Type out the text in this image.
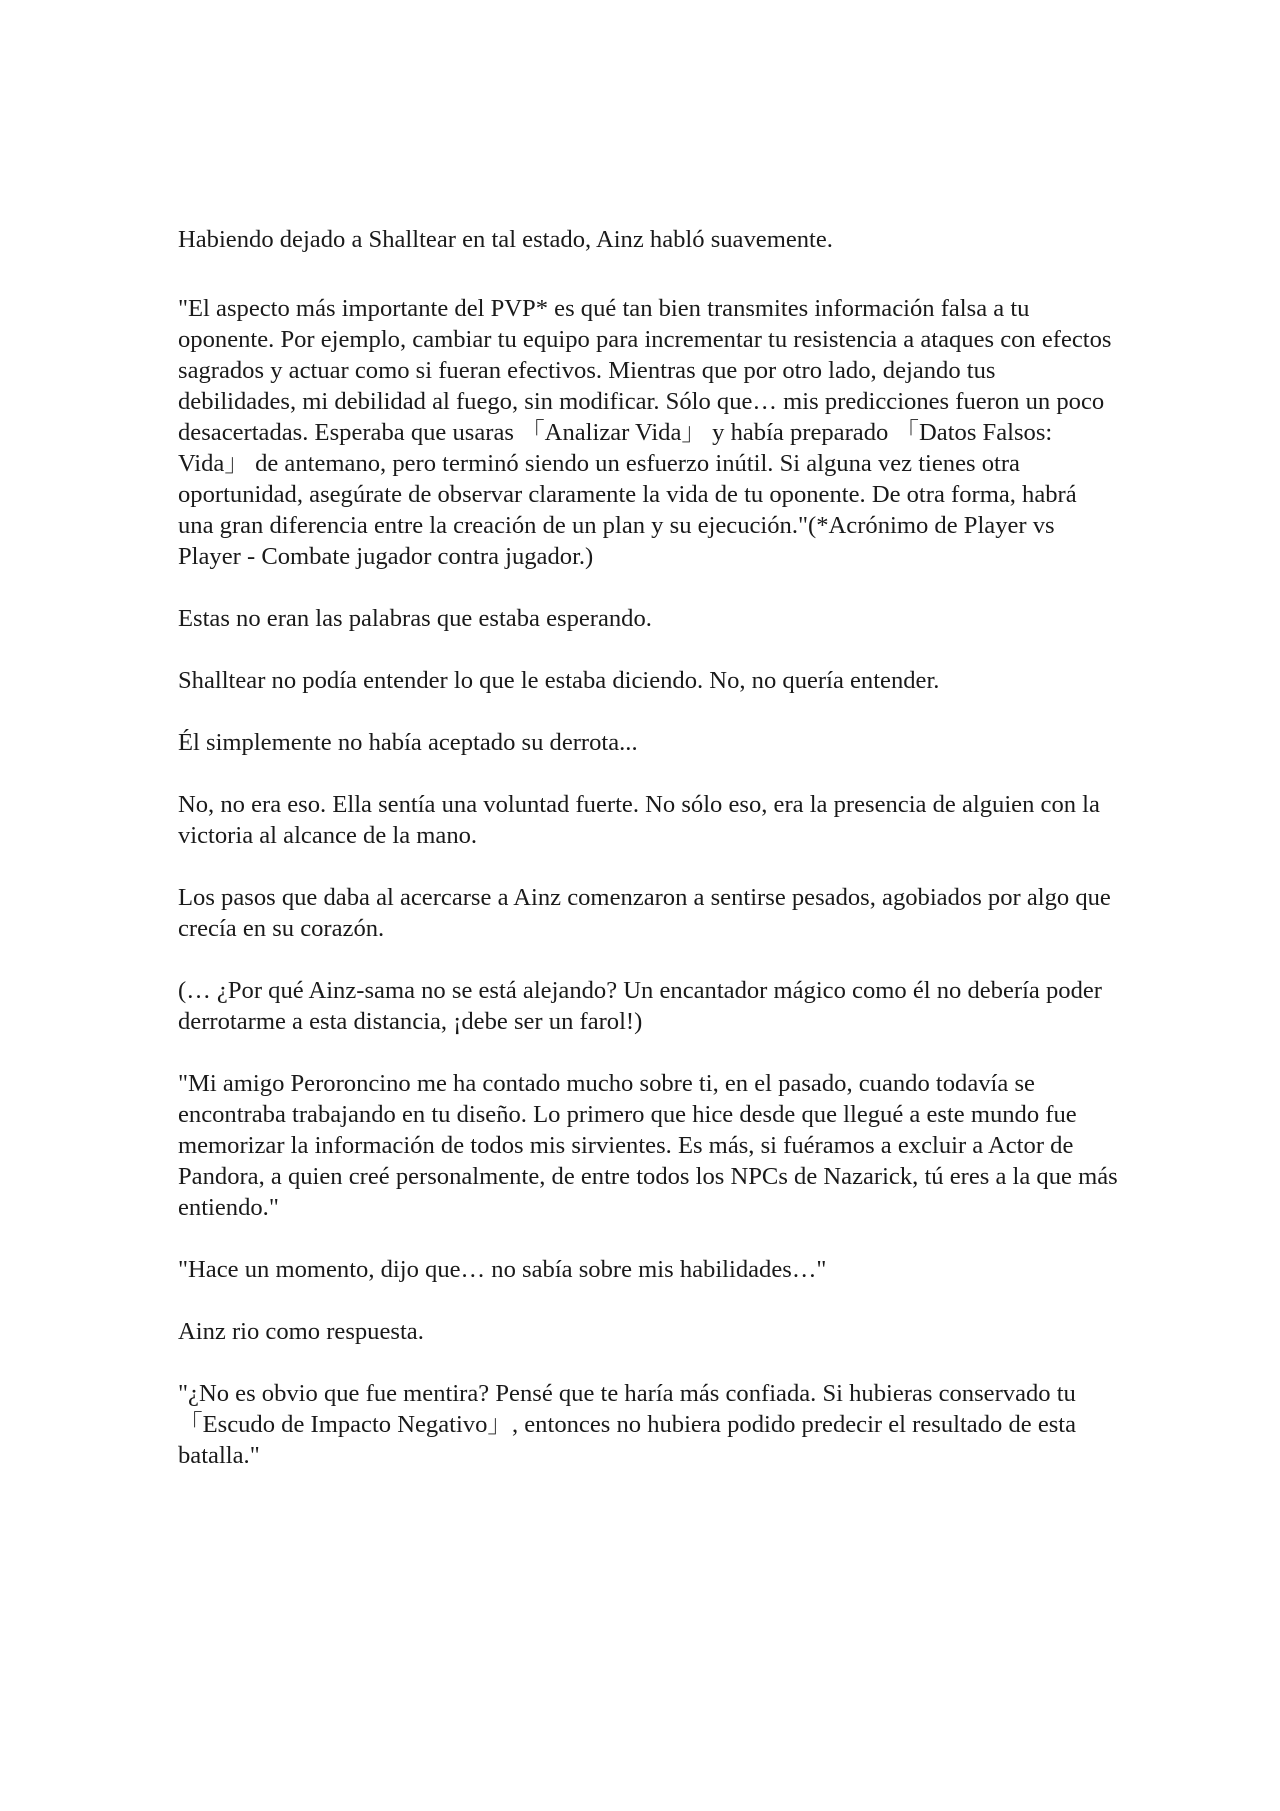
Habiendo dejado a Shalltear en tal estado, Ainz habló suavemente.

"El aspecto más importante del PVP* es qué tan bien transmites información falsa a tu oponente. Por ejemplo, cambiar tu equipo para incrementar tu resistencia a ataques con efectos sagrados y actuar como si fueran efectivos. Mientras que por otro lado, dejando tus debilidades, mi debilidad al fuego, sin modificar. Sólo que… mis predicciones fueron un poco desacertadas. Esperaba que usaras 「Analizar Vida」 y había preparado 「Datos Falsos: Vida」 de antemano, pero terminó siendo un esfuerzo inútil. Si alguna vez tienes otra oportunidad, asegúrate de observar claramente la vida de tu oponente. De otra forma, habrá una gran diferencia entre la creación de un plan y su ejecución."(*Acrónimo de Player vs Player - Combate jugador contra jugador.)

Estas no eran las palabras que estaba esperando.

Shalltear no podía entender lo que le estaba diciendo. No, no quería entender.

Él simplemente no había aceptado su derrota...

No, no era eso. Ella sentía una voluntad fuerte. No sólo eso, era la presencia de alguien con la victoria al alcance de la mano.

Los pasos que daba al acercarse a Ainz comenzaron a sentirse pesados, agobiados por algo que crecía en su corazón.

(… ¿Por qué Ainz-sama no se está alejando? Un encantador mágico como él no debería poder derrotarme a esta distancia, ¡debe ser un farol!)

"Mi amigo Peroroncino me ha contado mucho sobre ti, en el pasado, cuando todavía se encontraba trabajando en tu diseño. Lo primero que hice desde que llegué a este mundo fue memorizar la información de todos mis sirvientes. Es más, si fuéramos a excluir a Actor de Pandora, a quien creé personalmente, de entre todos los NPCs de Nazarick, tú eres a la que más entiendo."

"Hace un momento, dijo que… no sabía sobre mis habilidades…"

Ainz rio como respuesta.

"¿No es obvio que fue mentira? Pensé que te haría más confiada. Si hubieras conservado tu 「Escudo de Impacto Negativo」, entonces no hubiera podido predecir el resultado de esta batalla."
